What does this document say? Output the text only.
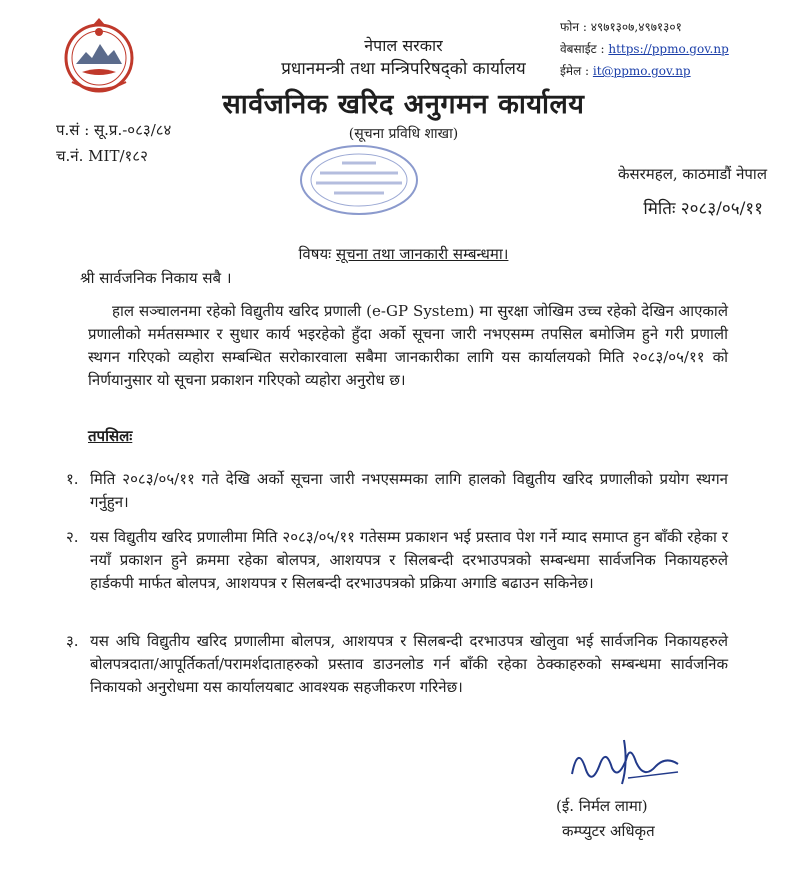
नेपाल सरकार
प्रधानमन्त्री तथा मन्त्रिपरिषद्को कार्यालय
सार्वजनिक खरिद अनुगमन कार्यालय
(सूचना प्रविधि शाखा)
फोन : ४९७१३०७,४९७१३०१
वेबसाईट : https://ppmo.gov.np
ईमेल : it@ppmo.gov.np
प.सं : सू.प्र.-०८३/८४
च.नं. MIT/१८२
केसरमहल, काठमाडौं नेपाल
मितिः २०८३/०५/११
विषयः सूचना तथा जानकारी सम्बन्धमा।
श्री सार्वजनिक निकाय सबै ।
हाल सञ्चालनमा रहेको विद्युतीय खरिद प्रणाली (e-GP System) मा सुरक्षा जोखिम उच्च रहेको देखिन आएकाले प्रणालीको मर्मतसम्भार र सुधार कार्य भइरहेको हुँदा अर्को सूचना जारी नभएसम्म तपसिल बमोजिम हुने गरी प्रणाली स्थगन गरिएको व्यहोरा सम्बन्धित सरोकारवाला सबैमा जानकारीका लागि यस कार्यालयको मिति २०८३/०५/११ को निर्णयानुसार यो सूचना प्रकाशन गरिएको व्यहोरा अनुरोध छ।
तपसिलः
१. मिति २०८३/०५/११ गते देखि अर्को सूचना जारी नभएसम्मका लागि हालको विद्युतीय खरिद प्रणालीको प्रयोग स्थगन गर्नुहुन।
२. यस विद्युतीय खरिद प्रणालीमा मिति २०८३/०५/११ गतेसम्म प्रकाशन भई प्रस्ताव पेश गर्ने म्याद समाप्त हुन बाँकी रहेका र नयाँ प्रकाशन हुने क्रममा रहेका बोलपत्र, आशयपत्र र सिलबन्दी दरभाउपत्रको सम्बन्धमा सार्वजनिक निकायहरुले हार्डकपी मार्फत बोलपत्र, आशयपत्र र सिलबन्दी दरभाउपत्रको प्रक्रिया अगाडि बढाउन सकिनेछ।
३. यस अघि विद्युतीय खरिद प्रणालीमा बोलपत्र, आशयपत्र र सिलबन्दी दरभाउपत्र खोलुवा भई सार्वजनिक निकायहरुले बोलपत्रदाता/आपूर्तिकर्ता/परामर्शदाताहरुको प्रस्ताव डाउनलोड गर्न बाँकी रहेका ठेक्काहरुको सम्बन्धमा सार्वजनिक निकायको अनुरोधमा यस कार्यालयबाट आवश्यक सहजीकरण गरिनेछ।
(ई. निर्मल लामा)
कम्प्युटर अधिकृत
